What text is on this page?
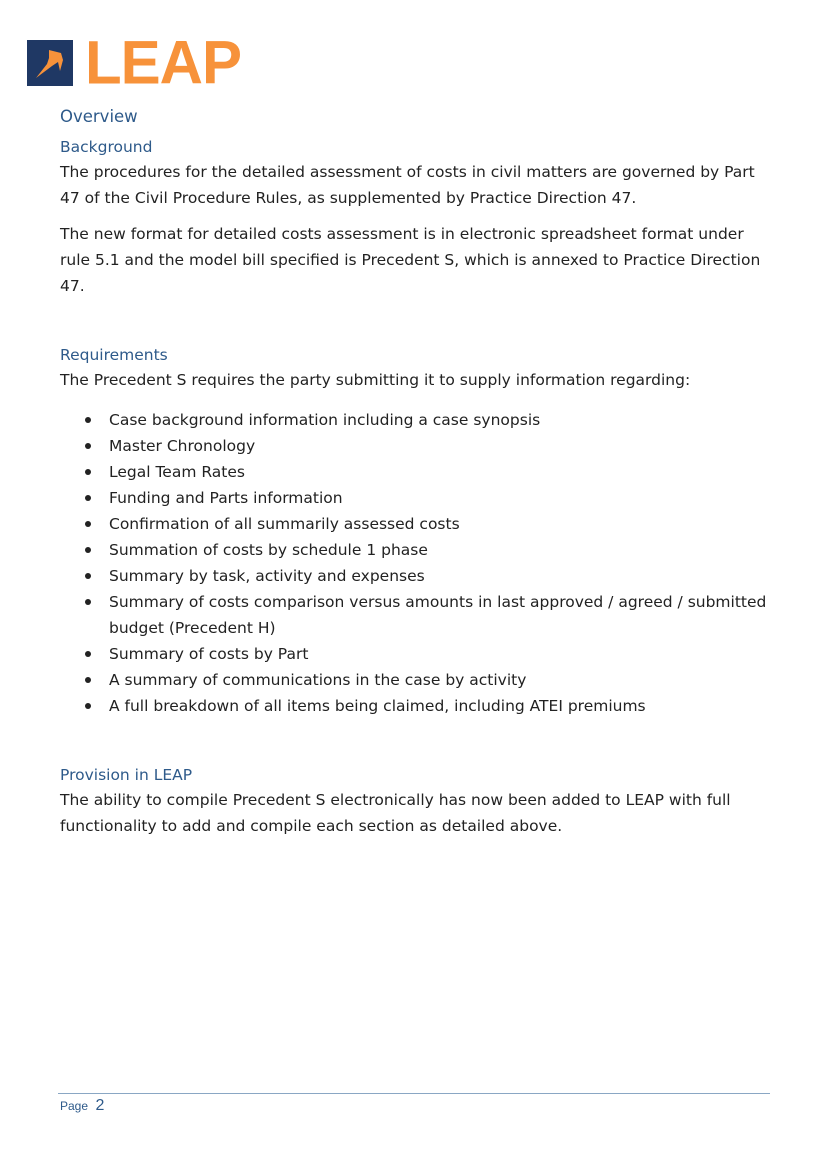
LEAP
Overview
Background

The procedures for the detailed assessment of costs in civil matters are governed by Part 47 of the Civil Procedure Rules, as supplemented by Practice Direction 47.

The new format for detailed costs assessment is in electronic spreadsheet format under rule 5.1 and the model bill specified is Precedent S, which is annexed to Practice Direction 47.

Requirements

The Precedent S requires the party submitting it to supply information regarding:

Case background information including a case synopsis
Master Chronology
Legal Team Rates
Funding and Parts information
Confirmation of all summarily assessed costs
Summation of costs by schedule 1 phase
Summary by task, activity and expenses
Summary of costs comparison versus amounts in last approved / agreed / submitted budget (Precedent H)
Summary of costs by Part
A summary of communications in the case by activity
A full breakdown of all items being claimed, including ATEI premiums
Provision in LEAP

The ability to compile Precedent S electronically has now been added to LEAP with full functionality to add and compile each section as detailed above.

Page 2
